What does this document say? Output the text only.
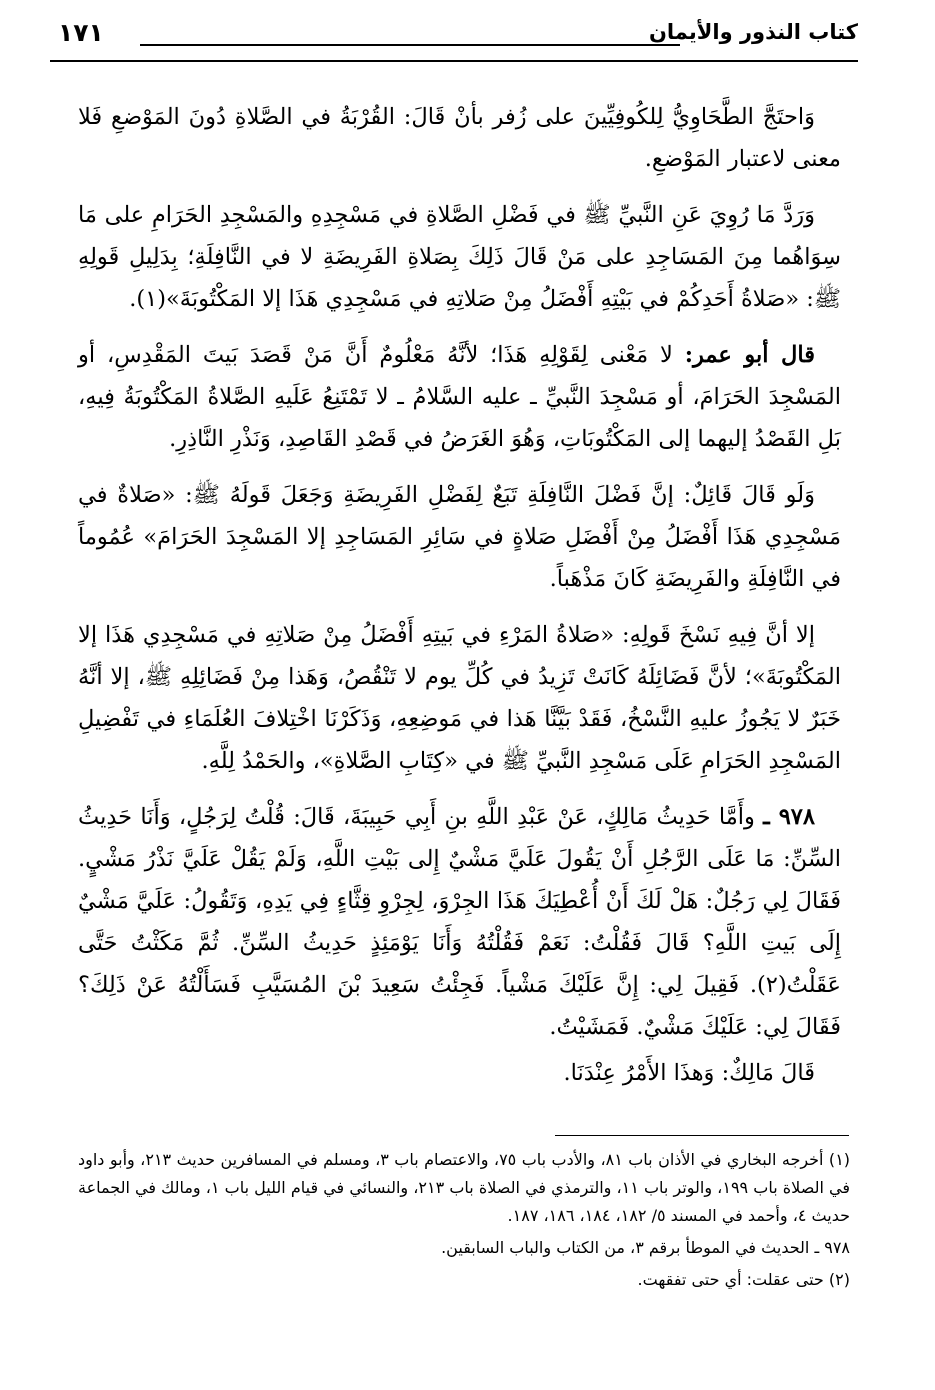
كتاب النذور والأيمان
١٧١

وَاحتَجَّ الطَّحَاوِيُّ لِلكُوفِيِّينَ على زُفر بأنْ قَالَ: القُرْبَةُ في الصَّلاةِ دُونَ المَوْضعِ فَلا معنى لاعتبار المَوْضعِ.

وَرَدَّ مَا رُوِيَ عَنِ النَّبيِّ ﷺ في فَضْلِ الصَّلاةِ في مَسْجِدِهِ والمَسْجِدِ الحَرَامِ على مَا سِوَاهُما مِنَ المَسَاجِدِ على مَنْ قَالَ ذَلِكَ بِصَلاةِ الفَرِيضَةِ لا في النَّافِلَةِ؛ بِدَلِيلِ قَولِهِ ﷺ: «صَلاةُ أَحَدِكُمْ في بَيْتِهِ أَفْضَلُ مِنْ صَلاتِهِ في مَسْجِدِي هَذَا إلا المَكْتُوبَةَ»(١).

قال أبو عمر: لا مَعْنى لِقَوْلِهِ هَذَا؛ لأنَّهُ مَعْلُومٌ أَنَّ مَنْ قَصَدَ بَيتَ المَقْدِسِ، أو المَسْجِدَ الحَرَامَ، أو مَسْجِدَ النَّبيِّ ـ عليه السَّلامُ ـ لا تَمْتَنِعُ عَلَيهِ الصَّلاةُ المَكْتُوبَةُ فِيهِ، بَلِ القَصْدُ إليهما إلى المَكْتُوبَاتِ، وَهُوَ الغَرَضُ في قَصْدِ القَاصِدِ، وَنَذْرِ النَّاذِرِ.

وَلَو قَالَ قَائِلٌ: إنَّ فَضْلَ النَّافِلَةِ تَبَعٌ لِفَضْلِ الفَرِيضَةِ وَجَعَلَ قَولَهُ ﷺ: «صَلاةٌ في مَسْجِدِي هَذَا أَفْضَلُ مِنْ أَفْضَلِ صَلاةٍ في سَائِرِ المَسَاجِدِ إلا المَسْجِدَ الحَرَامَ» عُمُوماً في النَّافِلَةِ والفَرِيضَةِ كَانَ مَذْهَباً.

إلا أنَّ فِيهِ نَسْخَ قَولِهِ: «صَلاةُ المَرْءِ في بَيتِهِ أَفْضَلُ مِنْ صَلاتِهِ في مَسْجِدِي هَذَا إلا المَكْتُوبَةَ»؛ لأنَّ فَضَائِلَهُ كَانَتْ تَزِيدُ في كُلِّ يوم لا تَنْقُصُ، وَهَذا مِنْ فَضَائِلِهِ ﷺ، إلا أنَّهُ خَبَرٌ لا يَجُوزُ عليهِ النَّسْخُ، فَقَدْ بَيَّنَّا هَذا في مَوضِعِهِ، وَذَكَرْنَا اخْتِلافَ العُلَمَاءِ في تَفْضِيلِ المَسْجِدِ الحَرَامِ عَلَى مَسْجِدِ النَّبيِّ ﷺ في «كِتَابِ الصَّلاةِ»، والحَمْدُ لِلَّهِ.

٩٧٨ ـ وأَمَّا حَدِيثُ مَالِكٍ، عَنْ عَبْدِ اللَّهِ بنِ أَبِي حَبِيبَةَ، قَالَ: قُلْتُ لِرَجُلٍ، وَأَنَا حَدِيثُ السِّنِّ: مَا عَلَى الرَّجُلِ أَنْ يَقُولَ عَلَيَّ مَشْيٌ إِلى بَيْتِ اللَّهِ، وَلَمْ يَقُلْ عَلَيَّ نَذْرُ مَشْيٍ. فَقَالَ لِي رَجُلٌ: هَلْ لَكَ أَنْ أُعْطِيَكَ هَذَا الجِرْوَ، لِجِرْوِ قِثَّاءٍ فِي يَدِهِ، وَتَقُولُ: عَلَيَّ مَشْيٌ إِلَى بَيتِ اللَّهِ؟ قَالَ فَقُلْتُ: نَعَمْ فَقُلْتُهُ وَأَنَا يَوْمَئِذٍ حَدِيثُ السِّنِّ. ثُمَّ مَكَثْتُ حَتَّى عَقَلْتُ(٢). فَقِيلَ لِي: إِنَّ عَلَيْكَ مَشْياً. فَجِئْتُ سَعِيدَ بْنَ المُسَيَّبِ فَسَأَلْتُهُ عَنْ ذَلِكَ؟ فَقَالَ لِي: عَلَيْكَ مَشْيٌ. فَمَشَيْتُ.

قَالَ مَالِكٌ: وَهذَا الأَمْرُ عِنْدَنَا.

(١) أخرجه البخاري في الأذان باب ٨١، والأدب باب ٧٥، والاعتصام باب ٣، ومسلم في المسافرين حديث ٢١٣، وأبو داود في الصلاة باب ١٩٩، والوتر باب ١١، والترمذي في الصلاة باب ٢١٣، والنسائي في قيام الليل باب ١، ومالك في الجماعة حديث ٤، وأحمد في المسند ٥/ ١٨٢، ١٨٤، ١٨٦، ١٨٧.

٩٧٨ ـ الحديث في الموطأ برقم ٣، من الكتاب والباب السابقين.

(٢) حتى عقلت: أي حتى تفقهت.
